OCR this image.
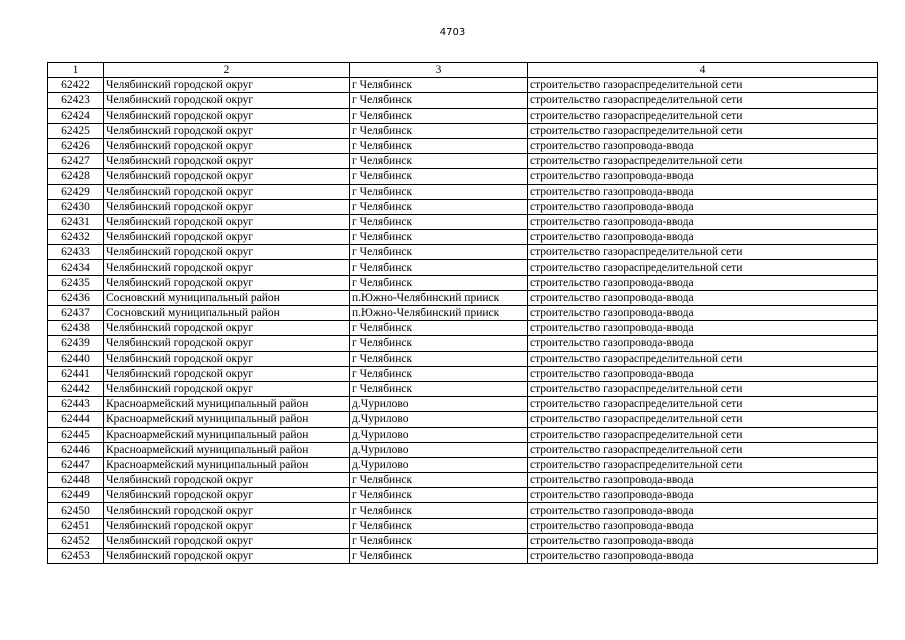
4703
1	2	3	4
62422	Челябинский городской округ	г Челябинск	строительство газораспределительной сети
62423	Челябинский городской округ	г Челябинск	строительство газораспределительной сети
62424	Челябинский городской округ	г Челябинск	строительство газораспределительной сети
62425	Челябинский городской округ	г Челябинск	строительство газораспределительной сети
62426	Челябинский городской округ	г Челябинск	строительство газопровода-ввода
62427	Челябинский городской округ	г Челябинск	строительство газораспределительной сети
62428	Челябинский городской округ	г Челябинск	строительство газопровода-ввода
62429	Челябинский городской округ	г Челябинск	строительство газопровода-ввода
62430	Челябинский городской округ	г Челябинск	строительство газопровода-ввода
62431	Челябинский городской округ	г Челябинск	строительство газопровода-ввода
62432	Челябинский городской округ	г Челябинск	строительство газопровода-ввода
62433	Челябинский городской округ	г Челябинск	строительство газораспределительной сети
62434	Челябинский городской округ	г Челябинск	строительство газораспределительной сети
62435	Челябинский городской округ	г Челябинск	строительство газопровода-ввода
62436	Сосновский муниципальный район	п.Южно-Челябинский прииск	строительство газопровода-ввода
62437	Сосновский муниципальный район	п.Южно-Челябинский прииск	строительство газопровода-ввода
62438	Челябинский городской округ	г Челябинск	строительство газопровода-ввода
62439	Челябинский городской округ	г Челябинск	строительство газопровода-ввода
62440	Челябинский городской округ	г Челябинск	строительство газораспределительной сети
62441	Челябинский городской округ	г Челябинск	строительство газопровода-ввода
62442	Челябинский городской округ	г Челябинск	строительство газораспределительной сети
62443	Красноармейский муниципальный район	д.Чурилово	строительство газораспределительной сети
62444	Красноармейский муниципальный район	д.Чурилово	строительство газораспределительной сети
62445	Красноармейский муниципальный район	д.Чурилово	строительство газораспределительной сети
62446	Красноармейский муниципальный район	д.Чурилово	строительство газораспределительной сети
62447	Красноармейский муниципальный район	д.Чурилово	строительство газораспределительной сети
62448	Челябинский городской округ	г Челябинск	строительство газопровода-ввода
62449	Челябинский городской округ	г Челябинск	строительство газопровода-ввода
62450	Челябинский городской округ	г Челябинск	строительство газопровода-ввода
62451	Челябинский городской округ	г Челябинск	строительство газопровода-ввода
62452	Челябинский городской округ	г Челябинск	строительство газопровода-ввода
62453	Челябинский городской округ	г Челябинск	строительство газопровода-ввода
